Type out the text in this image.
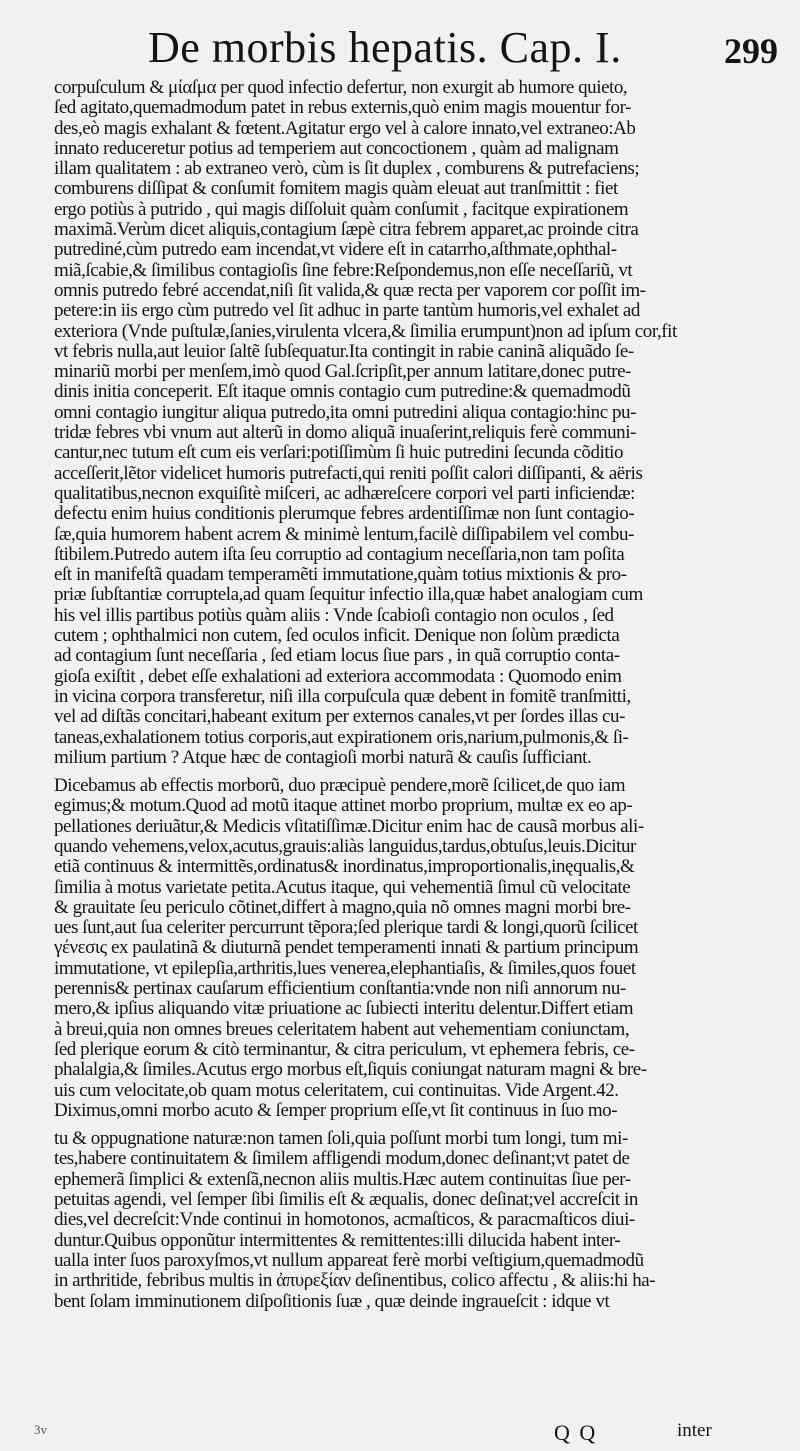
De morbis hepatis. Cap. I.	299
corpuſculum & μίαſμα per quod infectio defertur, non exurgit ab humore quieto,
ſed agitato,quemadmodum patet in rebus externis,quò enim magis mouentur for-
des,eò magis exhalant & fœtent.Agitatur ergo vel à calore innato,vel extraneo:Ab
innato reduceretur potius ad temperiem aut concoctionem , quàm ad malignam
illam qualitatem : ab extraneo verò, cùm is ſit duplex , comburens & putrefaciens;
comburens diſſipat & conſumit fomitem magis quàm eleuat aut tranſmittit : fiet
ergo potiùs à putrido , qui magis diſſoluit quàm conſumit , facitque expirationem
maximã.Verùm dicet aliquis,contagium ſæpè citra febrem apparet,ac proinde citra
putrediné,cùm putredo eam incendat,vt videre eſt in catarrho,aſthmate,ophthal-
miã,ſcabie,& ſimilibus contagioſis ſine febre:Reſpondemus,non eſſe neceſſariũ, vt
omnis putredo febré accendat,niſi ſit valida,& quæ recta per vaporem cor poſſit im-
petere:in iis ergo cùm putredo vel ſit adhuc in parte tantùm humoris,vel exhalet ad
exteriora (Vnde puſtulæ,ſanies,virulenta vlcera,& ſimilia erumpunt)non ad ipſum cor,fit
vt febris nulla,aut leuior ſaltẽ ſubſequatur.Ita contingit in rabie caninã aliquãdo ſe-
minariũ morbi per menſem,imò quod Gal.ſcripſit,per annum latitare,donec putre-
dinis initia conceperit. Eſt itaque omnis contagio cum putredine:& quemadmodũ
omni contagio iungitur aliqua putredo,ita omni putredini aliqua contagio:hinc pu-
tridæ febres vbi vnum aut alterũ in domo aliquã inuaſerint,reliquis ferè communi-
cantur,nec tutum eſt cum eis verſari:potiſſimùm ſi huic putredini ſecunda cõditio
acceſſerit,lẽtor videlicet humoris putrefacti,qui reniti poſſit calori diſſipanti, & aëris
qualitatibus,necnon exquiſitè miſceri, ac adhæreſcere corpori vel parti inficiendæ:
defectu enim huius conditionis plerumque febres ardentiſſimæ non ſunt contagio-
ſæ,quia humorem habent acrem & minimè lentum,facilè diſſipabilem vel combu-
ſtibilem.Putredo autem iſta ſeu corruptio ad contagium neceſſaria,non tam poſita
eſt in manifeſtã quadam temperamẽti immutatione,quàm totius mixtionis & pro-
priæ ſubſtantiæ corruptela,ad quam ſequitur infectio illa,quæ habet analogiam cum
his vel illis partibus potiùs quàm aliis : Vnde ſcabioſi contagio non oculos , ſed
cutem ; ophthalmici non cutem, ſed oculos inficit. Denique non ſolùm prædicta
ad contagium ſunt neceſſaria , ſed etiam locus ſiue pars , in quã corruptio conta-
gioſa exiſtit , debet eſſe exhalationi ad exteriora accommodata : Quomodo enim
in vicina corpora transferetur, niſi illa corpuſcula quæ debent in fomitẽ tranſmitti,
vel ad diſtãs concitari,habeant exitum per externos canales,vt per ſordes illas cu-
taneas,exhalationem totius corporis,aut expirationem oris,narium,pulmonis,& ſi-
milium partium ? Atque hæc de contagioſi morbi naturã & cauſis ſufficiant.
Dicebamus ab effectis morborũ, duo præcipuè pendere,morẽ ſcilicet,de quo iam
egimus;& motum.Quod ad motũ itaque attinet morbo proprium, multæ ex eo ap-
pellationes deriuãtur,& Medicis vſitatiſſimæ.Dicitur enim hac de causã morbus ali-
quando vehemens,velox,acutus,grauis:aliàs languidus,tardus,obtuſus,leuis.Dicitur
etiã continuus & intermittẽs,ordinatus& inordinatus,improportionalis,inęqualis,&
ſimilia à motus varietate petita.Acutus itaque, qui vehementiã ſimul cũ velocitate
& grauitate ſeu periculo cõtinet,differt à magno,quia nõ omnes magni morbi bre-
ues ſunt,aut ſua celeriter percurrunt tẽpora;ſed plerique tardi & longi,quorũ ſcilicet
γένεσις ex paulatinã & diuturnã pendet temperamenti innati & partium principum
immutatione, vt epilepſia,arthritis,lues venerea,elephantiaſis, & ſimiles,quos fouet
perennis& pertinax cauſarum efficientium conſtantia:vnde non niſi annorum nu-
mero,& ipſius aliquando vitæ priuatione ac ſubiecti interitu delentur.Differt etiam
à breui,quia non omnes breues celeritatem habent aut vehementiam coniunctam,
ſed plerique eorum & citò terminantur, & citra periculum, vt ephemera febris, ce-
phalalgia,& ſimiles.Acutus ergo morbus eſt,ſiquis coniungat naturam magni & bre-
uis cum velocitate,ob quam motus celeritatem, cui continuitas. Vide Argent.42.
Diximus,omni morbo acuto & ſemper proprium eſſe,vt ſit continuus in ſuo mo-
tu & oppugnatione naturæ:non tamen ſoli,quia poſſunt morbi tum longi, tum mi-
tes,habere continuitatem & ſimilem affligendi modum,donec deſinant;vt patet de
ephemerã ſimplici & extenſã,necnon aliis multis.Hæc autem continuitas ſiue per-
petuitas agendi, vel ſemper ſibi ſimilis eſt & æqualis, donec deſinat;vel accreſcit in
dies,vel decreſcit:Vnde continui in homotonos, acmaſticos, & paracmaſticos diui-
duntur.Quibus opponũtur intermittentes & remittentes:illi dilucida habent inter-
ualla inter ſuos paroxyſmos,vt nullum appareat ferè morbi veſtigium,quemadmodũ
in arthritide, febribus multis in ἀπυρεξίαν deſinentibus, colico affectu , & aliis:hi ha-
bent ſolam imminutionem diſpoſitionis ſuæ , quæ deinde ingraueſcit : idque vt
3v	Q Q	inter
